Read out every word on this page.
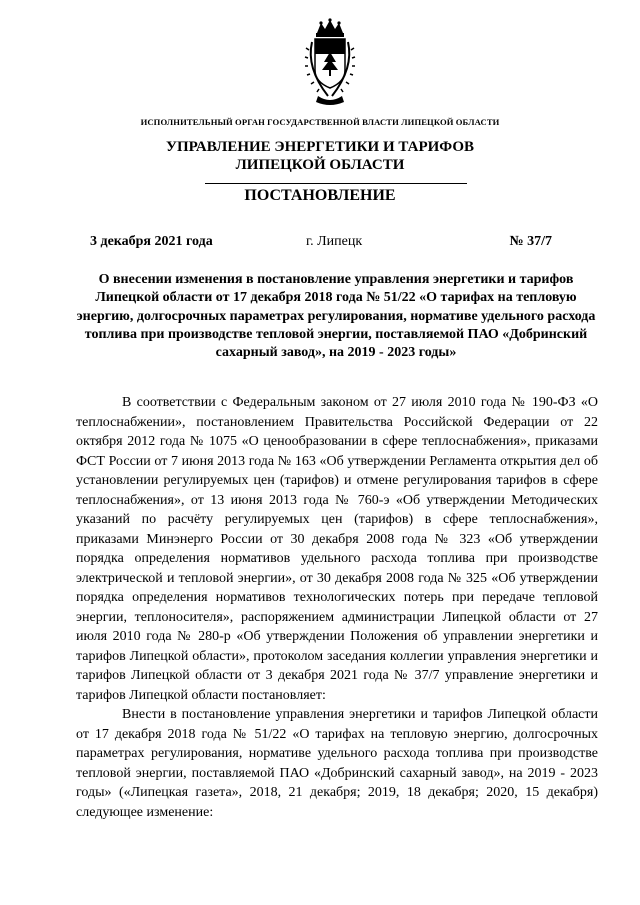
ИСПОЛНИТЕЛЬНЫЙ ОРГАН ГОСУДАРСТВЕННОЙ ВЛАСТИ ЛИПЕЦКОЙ ОБЛАСТИ
УПРАВЛЕНИЕ ЭНЕРГЕТИКИ И ТАРИФОВ
ЛИПЕЦКОЙ ОБЛАСТИ
ПОСТАНОВЛЕНИЕ
3 декабря 2021 года	г. Липецк	№ 37/7
О внесении изменения в постановление управления энергетики и тарифов Липецкой области от 17 декабря 2018 года № 51/22 «О тарифах на тепловую энергию, долгосрочных параметрах регулирования, нормативе удельного расхода топлива при производстве тепловой энергии, поставляемой ПАО «Добринский сахарный завод», на 2019 - 2023 годы»

В соответствии с Федеральным законом от 27 июля 2010 года № 190-ФЗ «О теплоснабжении», постановлением Правительства Российской Федерации от 22 октября 2012 года № 1075 «О ценообразовании в сфере теплоснабжения», приказами ФСТ России от 7 июня 2013 года № 163 «Об утверждении Регламента открытия дел об установлении регулируемых цен (тарифов) и отмене регулирования тарифов в сфере теплоснабжения», от 13 июня 2013 года № 760-э «Об утверждении Методических указаний по расчёту регулируемых цен (тарифов) в сфере теплоснабжения», приказами Минэнерго России от 30 декабря 2008 года № 323 «Об утверждении порядка определения нормативов удельного расхода топлива при производстве электрической и тепловой энергии», от 30 декабря 2008 года № 325 «Об утверждении порядка определения нормативов технологических потерь при передаче тепловой энергии, теплоносителя», распоряжением администрации Липецкой области от 27 июля 2010 года № 280-р «Об утверждении Положения об управлении энергетики и тарифов Липецкой области», протоколом заседания коллегии управления энергетики и тарифов Липецкой области от 3 декабря 2021 года № 37/7 управление энергетики и тарифов Липецкой области постановляет:

Внести в постановление управления энергетики и тарифов Липецкой области от 17 декабря 2018 года № 51/22 «О тарифах на тепловую энергию, долгосрочных параметрах регулирования, нормативе удельного расхода топлива при производстве тепловой энергии, поставляемой ПАО «Добринский сахарный завод», на 2019 - 2023 годы» («Липецкая газета», 2018, 21 декабря; 2019, 18 декабря; 2020, 15 декабря) следующее изменение:
